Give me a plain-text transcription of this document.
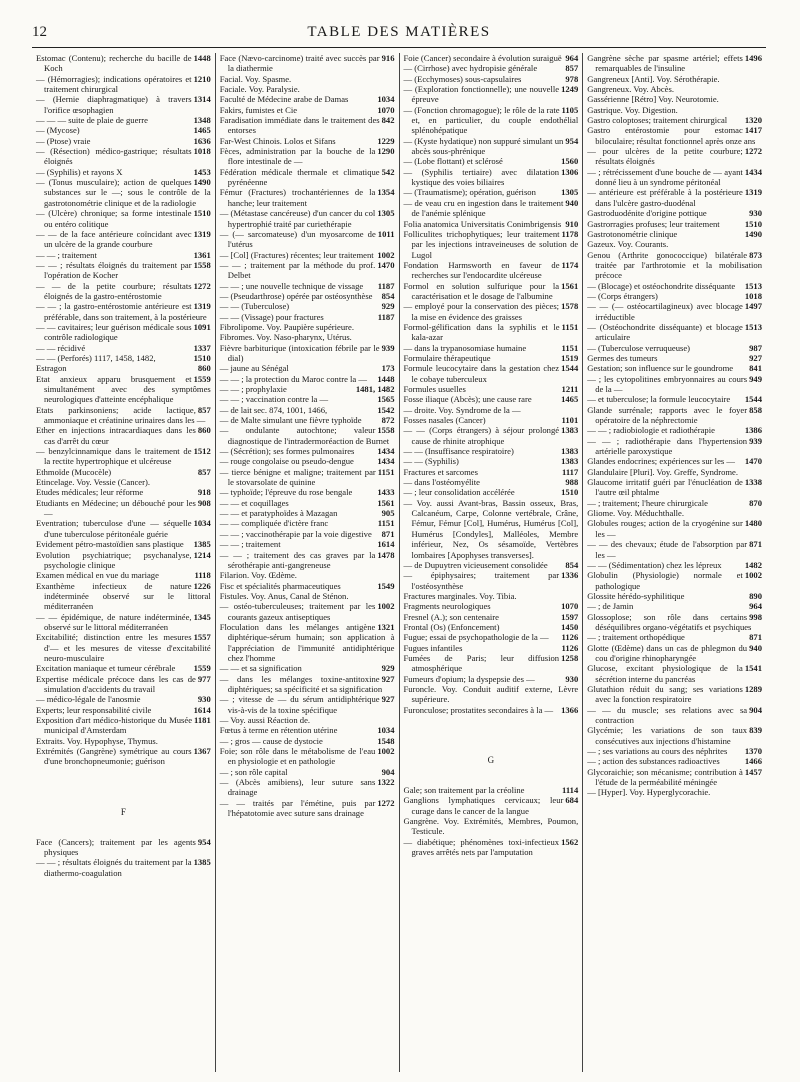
12	TABLE DES MATIÈRES
1448
Estomac (Contenu); recherche du bacille de Koch
1210
— (Hémorragies); indications opératoires et traitement chirurgical
1314
— (Hernie diaphragmatique) à travers l'orifice œsophagien
1348
— — — suite de plaie de guerre
1465
— (Mycose)
1636
— (Ptose) vraie
1018
— (Résection) médico-gastrique; résultats éloignés
1453
— (Syphilis) et rayons X
1490
— (Tonus musculaire); action de quelques substances sur le —; sous le contrôle de la gastrotonométrie clinique et de la radiologie
1510
— (Ulcère) chronique; sa forme intestinale ou entéro colitique
1319
— — de la face antérieure coïncidant avec un ulcère de la grande courbure
1361
— — ; traitement
1558
— — ; résultats éloignés du traitement par l'opération de Kocher
1272
— — de la petite courbure; résultats éloignés de la gastro-entérostomie
1319
— — ; la gastro-entérostomie antérieure est préférable, dans son traitement, à la postérieure
1091
— — cavitaires; leur guérison médicale sous contrôle radiologique
1337
— — récidivé
1510
— — (Perforés) 1117, 1458, 1482,
860
Estragon
1559
Etat anxieux apparu brusquement et simultanément avec des symptômes neurologiques d'atteinte encéphalique
857
Etats parkinsoniens; acide lactique, ammoniaque et créatinine urinaires dans les —
860
Ether en injections intracardiaques dans les cas d'arrêt du cœur
1512
— benzylcinnamique dans le traitement de la rectite hypertrophique et ulcéreuse
857
Ethmoïde (Mucocèle)
Etincelage. Voy. Vessie (Cancer).
918
Etudes médicales; leur réforme
908
Etudiants en Médecine; un débouché pour les —
1034
Eventration; tuberculose d'une — séquelle d'une tuberculose péritonéale guérie
1385
Evidement pétro-mastoïdien sans plastique
1214
Evolution psychiatrique; psychanalyse, psychologie clinique
1118
Examen médical en vue du mariage
1226
Exanthème infectieux de nature indéterminée observé sur le littoral méditerranéen
1345
— — épidémique, de nature indéterminée, observé sur le littoral méditerranéen
1557
Excitabilité; distinction entre les mesures d'— et les mesures de vitesse d'excitabilité neuro-musculaire
1559
Excitation maniaque et tumeur cérébrale
977
Expertise médicale précoce dans les cas de simulation d'accidents du travail
930
— médico-légale de l'anosmie
1614
Experts; leur responsabilité civile
1181
Exposition d'art médico-historique du Musée municipal d'Amsterdam
Extraits. Voy. Hypophyse, Thymus.
1367
Extrémités (Gangrène) symétrique au cours d'une bronchopneumonie; guérison
F
954
Face (Cancers); traitement par les agents physiques
1385
— — ; résultats éloignés du traitement par la diathermo-coagulation
916
Face (Nævo-carcinome) traité avec succès par la diathermie
Facial. Voy. Spasme.
Faciale. Voy. Paralysie.
1034
Faculté de Médecine arabe de Damas
1070
Fakirs, fumistes et Cie
842
Faradisation immédiate dans le traitement des entorses
1229
Far-West Chinois. Lolos et Sifans
1290
Fèces, administration par la bouche de la flore intestinale de —
542
Fédération médicale thermale et climatique pyrénéenne
1354
Fémur (Fractures) trochantériennes de la hanche; leur traitement
1305
— (Métastase cancéreuse) d'un cancer du col hypertrophié traité par curiethérapie
1011
— (— sarcomateuse) d'un myosarcome de l'utérus
1002
— [Col] (Fractures) récentes; leur traitement
1470
— — ; traitement par la méthode du prof. Delbet
1187
— — ; une nouvelle technique de vissage
854
— (Pseudarthrose) opérée par ostéosynthèse
929
— — (Tuberculose)
1187
— — (Vissage) pour fractures
Fibrolipome. Voy. Paupière supérieure.
Fibromes. Voy. Naso-pharynx, Utérus.
939
Fièvre barbiturique (intoxication fébrile par le dial)
173
— jaune au Sénégal
1448
— — ; la protection du Maroc contre la —
1481, 1482
— — ; prophylaxie
1565
— — ; vaccination contre la —
1542
— de lait sec. 874, 1001, 1466,
872
— de Malte simulant une fièvre typhoïde
1558
— ondulante autochtone; valeur diagnostique de l'intradermoréaction de Burnet
1434
— (Sécrétion); ses formes pulmonaires
1434
— rouge congolaise ou pseudo-dengue
1151
— tierce bénigne et maligne; traitement par le stovarsolate de quinine
1433
— typhoïde; l'épreuve du rose bengale
1561
— — et coquillages
905
— — et paratyphoïdes à Mazagan
1151
— — compliquée d'ictère franc
871
— — ; vaccinothérapie par la voie digestive
1614
— — ; traitement
1478
— — ; traitement des cas graves par la sérothérapie anti-gangreneuse
Filarion. Voy. Œdème.
1549
Fisc et spécialités pharmaceutiques
Fistules. Voy. Anus, Canal de Sténon.
1002
— ostéo-tuberculeuses; traitement par les courants gazeux antiseptiques
1321
Floculation dans les mélanges antigène diphtérique-sérum humain; son application à l'appréciation de l'immunité antidiphtérique chez l'homme
929
— — et sa signification
927
— dans les mélanges toxine-antitoxine diphtériques; sa spécificité et sa signification
927
— ; vitesse de — du sérum antidiphtérique vis-à-vis de la toxine spécifique
— Voy. aussi Réaction de.
1034
Fœtus à terme en rétention utérine
1548
— ; gros — cause de dystocie
1002
Foie; son rôle dans le métabolisme de l'eau en physiologie et en pathologie
904
— ; son rôle capital
1322
— (Abcès amibiens), leur suture sans drainage
1272
— — traités par l'émétine, puis par l'hépatotomie avec suture sans drainage
964
Foie (Cancer) secondaire à évolution suraiguë
857
— (Cirrhose) avec hydropisie générale
978
— (Ecchymoses) sous-capsulaires
1249
— (Exploration fonctionnelle); une nouvelle épreuve
1105
— (Fonction chromagogue); le rôle de la rate et, en particulier, du couple endothélial splénohépatique
954
— (Kyste hydatique) non suppuré simulant un abcès sous-phrénique
1560
— (Lobe flottant) et sclérosé
1306
— (Syphilis tertiaire) avec dilatation kystique des voies biliaires
1305
— (Traumatisme); opération, guérison
940
— de veau cru en ingestion dans le traitement de l'anémie splénique
910
Folia anatomica Universitatis Conimbrigensis
1178
Folliculites trichophytiques; leur traitement par les injections intraveineuses de solution de Lugol
1174
Fondation Harmsworth en faveur de recherches sur l'endocardite ulcéreuse
1561
Formol en solution sulfurique pour la caractérisation et le dosage de l'albumine
1578
— employé pour la conservation des pièces; la mise en évidence des graisses
1151
Formol-gélification dans la syphilis et le kala-azar
1151
— dans la trypanosomiase humaine
1519
Formulaire thérapeutique
1544
Formule leucocytaire dans la gestation chez le cobaye tuberculeux
1211
Formules usuelles
1465
Fosse iliaque (Abcès); une cause rare
— droite. Voy. Syndrome de la —
1101
Fosses nasales (Cancer)
1383
— — (Corps étrangers) à séjour prolongé cause de rhinite atrophique
1383
— — (Insuffisance respiratoire)
1383
— — (Syphilis)
1117
Fractures et sarcomes
988
— dans l'ostéomyélite
1510
— ; leur consolidation accélérée
— Voy. aussi Avant-bras, Bassin osseux, Bras, Calcanéum, Carpe, Colonne vertébrale, Crâne, Fémur, Fémur [Col], Humérus, Humérus [Col], Humérus [Condyles], Malléoles, Membre inférieur, Nez, Os sésamoïde, Vertèbres lombaires [Apophyses transverses].
854
— de Dupuytren vicieusement consolidée
1336
— épiphysaires; traitement par l'ostéosynthèse
Fractures marginales. Voy. Tibia.
1070
Fragments neurologiques
1597
Fresnel (A.); son centenaire
1450
Frontal (Os) (Enfoncement)
1126
Fugue; essai de psychopathologie de la —
1126
Fugues infantiles
1258
Fumées de Paris; leur diffusion atmosphérique
930
Fumeurs d'opium; la dyspepsie des —
Furoncle. Voy. Conduit auditif externe, Lèvre supérieure.
1366
Furonculose; prostatites secondaires à la —
G
1114
Gale; son traitement par la créoline
684
Ganglions lymphatiques cervicaux; leur curage dans le cancer de la langue
Gangrène. Voy. Extrémités, Membres, Poumon, Testicule.
1562
— diabétique; phénomènes toxi-infectieux graves arrêtés nets par l'amputation
1496
Gangrène sèche par spasme artériel; effets remarquables de l'insuline
Gangreneux [Anti]. Voy. Sérothérapie.
Gangreneux. Voy. Abcès.
Gassérienne [Rétro] Voy. Neurotomie.
Gastrique. Voy. Digestion.
1320
Gastro coloptoses; traitement chirurgical
1417
Gastro entérostomie pour estomac biloculaire; résultat fonctionnel après onze ans
1272
— pour ulcères de la petite courbure; résultats éloignés
1434
— ; rétrécissement d'une bouche de — ayant donné lieu à un syndrome péritonéal
1319
— antérieure est préférable à la postérieure dans l'ulcère gastro-duodénal
930
Gastroduodénite d'origine pottique
1510
Gastrorragies profuses; leur traitement
1490
Gastrotonométrie clinique
Gazeux. Voy. Courants.
873
Genou (Arthrite gonococcique) bilatérale traitée par l'arthrotomie et la mobilisation précoce
1513
— (Blocage) et ostéochondrite disséquante
1018
— (Corps étrangers)
1497
— — (— ostéocartilagineux) avec blocage irréductible
1513
— (Ostéochondrite disséquante) et blocage articulaire
987
— (Tuberculose verruqueuse)
927
Germes des tumeurs
841
Gestation; son influence sur le goundrome
949
— ; les cytopolitines embryonnaires au cours de la —
1544
— et tuberculose; la formule leucocytaire
858
Glande surrénale; rapports avec le foyer opératoire de la néphrectomie
1386
— — ; radiobiologie et radiothérapie
939
— — ; radiothérapie dans l'hypertension artérielle paroxystique
1470
Glandes endocrines; expériences sur les —
Glandulaire [Pluri]. Voy. Greffe, Syndrome.
1338
Glaucome irritatif guéri par l'énucléation de l'autre œil phtalme
870
— ; traitement; l'heure chirurgicale
Gliome. Voy. Méduchthalle.
1480
Globules rouges; action de la cryogénine sur les —
871
— — des chevaux; étude de l'absorption par les —
1482
— — (Sédimentation) chez les lépreux
1002
Globulin (Physiologie) normale et pathologique
890
Glossite hérédo-syphilitique
964
— ; de Jamin
998
Glossoplose; son rôle dans certains déséquilibres organo-végétatifs et psychiques
871
— ; traitement orthopédique
940
Glotte (Œdème) dans un cas de phlegmon du cou d'origine rhinopharyngée
1541
Glucose, excitant physiologique de la sécrétion interne du pancréas
1289
Glutathion réduit du sang; ses variations avec la fonction respiratoire
904
— — du muscle; ses relations avec sa contraction
839
Glycémie; les variations de son taux consécutives aux injections d'histamine
1370
— ; ses variations au cours des néphrites
1466
— ; action des substances radioactives
1457
Glycoraichie; son mécanisme; contribution à l'étude de la perméabilité méningée
— [Hyper]. Voy. Hyperglycorachie.
